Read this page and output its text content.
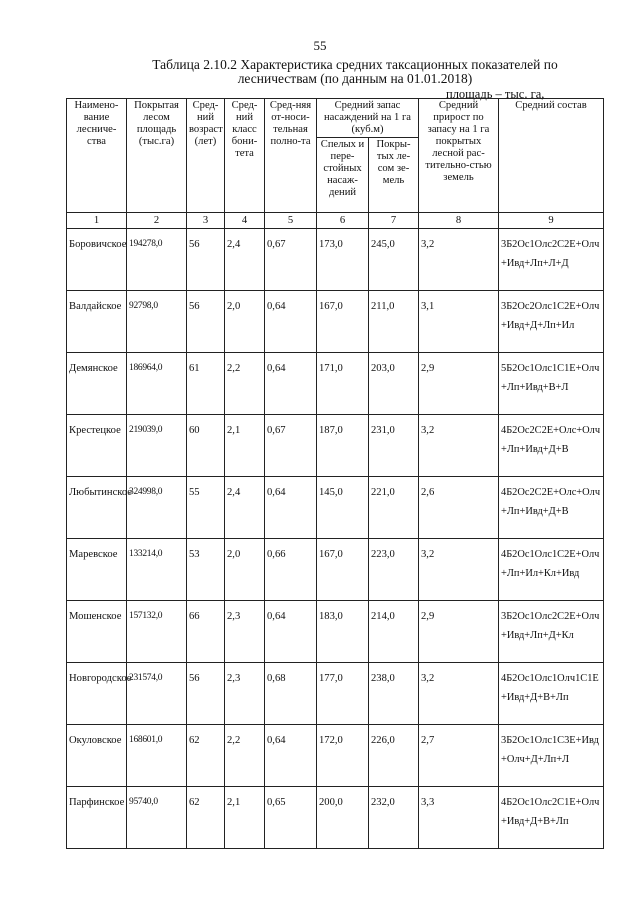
55
Таблица 2.10.2 Характеристика средних таксационных показателей по
лесничествам (по данным на 01.01.2018)
площадь – тыс. га,
Наимено-вание лесниче-ства	Покрытая лесом площадь (тыс.га)	Сред-ний возраст (лет)	Сред-ний класс бони-тета	Сред-няя от-носи-тельная полно-та	Средний запас насаждений на 1 га (куб.м)		Средний прирост по запасу на 1 га покрытых лесной рас-тительно-стью земель	Средний состав
					Спелых и пере-стойных насаж-дений	Покры-тых ле-сом зе-мель		
1	2	3	4	5	6	7	8	9
Боровичское	194278,0	56	2,4	0,67	173,0	245,0	3,2	3Б2Ос1Олс2С2Е+Олч+Ивд+Лп+Л+Д
Валдайское	92798,0	56	2,0	0,64	167,0	211,0	3,1	3Б2Ос2Олс1С2Е+Олч+Ивд+Д+Лп+Ил
Демянское	186964,0	61	2,2	0,64	171,0	203,0	2,9	5Б2Ос1Олс1С1Е+Олч+Лп+Ивд+В+Л
Крестецкое	219039,0	60	2,1	0,67	187,0	231,0	3,2	4Б2Ос2С2Е+Олс+Олч+Лп+Ивд+Д+В
Любытинское	324998,0	55	2,4	0,64	145,0	221,0	2,6	4Б2Ос2С2Е+Олс+Олч+Лп+Ивд+Д+В
Маревское	133214,0	53	2,0	0,66	167,0	223,0	3,2	4Б2Ос1Олс1С2Е+Олч+Лп+Ил+Кл+Ивд
Мошенское	157132,0	66	2,3	0,64	183,0	214,0	2,9	3Б2Ос1Олс2С2Е+Олч+Ивд+Лп+Д+Кл
Новгородское	231574,0	56	2,3	0,68	177,0	238,0	3,2	4Б2Ос1Олс1Олч1С1Е+Ивд+Д+В+Лп
Окуловское	168601,0	62	2,2	0,64	172,0	226,0	2,7	3Б2Ос1Олс1С3Е+Ивд+Олч+Д+Лп+Л
Парфинское	95740,0	62	2,1	0,65	200,0	232,0	3,3	4Б2Ос1Олс2С1Е+Олч+Ивд+Д+В+Лп
